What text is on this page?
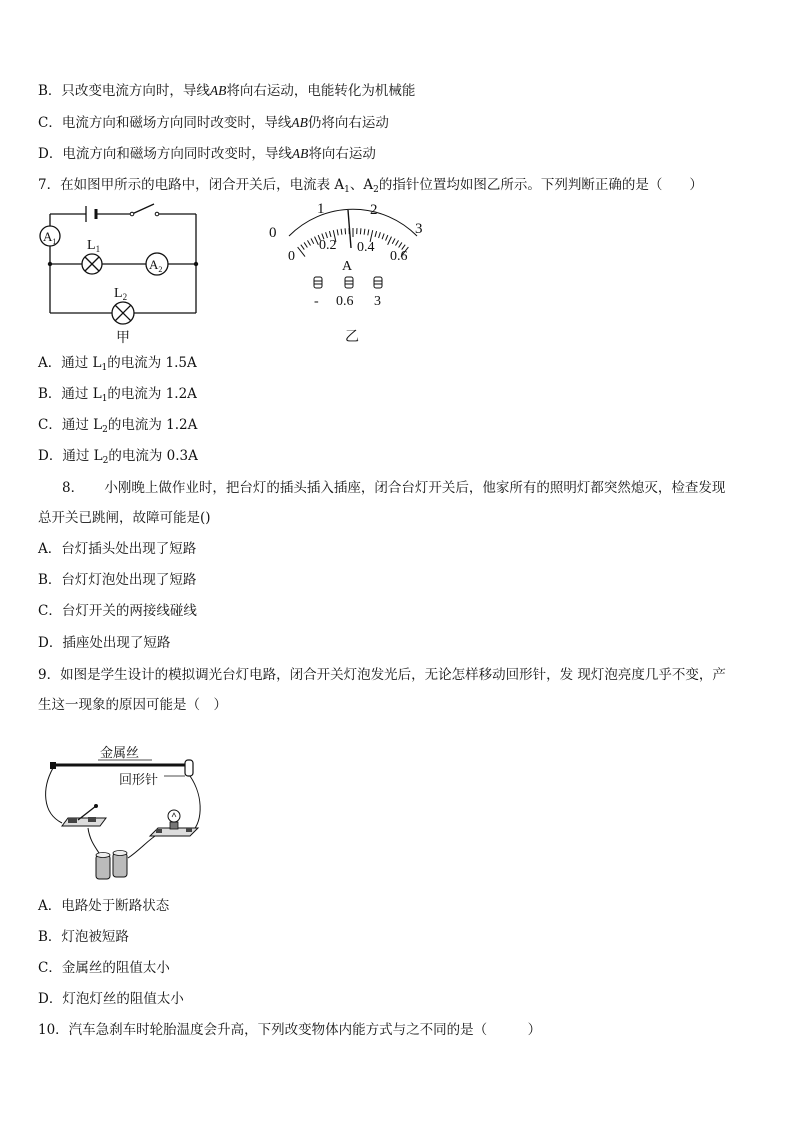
B．只改变电流方向时，导线AB将向右运动，电能转化为机械能
C．电流方向和磁场方向同时改变时，导线AB仍将向右运动
D．电流方向和磁场方向同时改变时，导线AB将向右运动
7．在如图甲所示的电路中，闭合开关后，电流表 $A_1$、$A_2$的指针位置均如图乙所示。下列判断正确的是（　　）
$A_1$
$A_2$
$L_1$
$L_2$
甲
1	2
0	3
0
0.2 0.4
0.6
A
- 0.6 3
乙
A．通过 $L_1$的电流为 1.5A
B．通过 $L_1$的电流为 1.2A
C．通过 $L_2$的电流为 1.2A
D．通过 $L_2$的电流为 0.3A
8．　　小刚晚上做作业时，把台灯的插头插入插座，闭合台灯开关后，他家所有的照明灯都突然熄灭，检查发现
总开关已跳闸，故障可能是()
A．台灯插头处出现了短路
B．台灯灯泡处出现了短路
C．台灯开关的两接线碰线
D．插座处出现了短路
9．如图是学生设计的模拟调光台灯电路，闭合开关灯泡发光后，无论怎样移动回形针，发 现灯泡亮度几乎不变，产
生这一现象的原因可能是（　）
金属丝
回形针
A．电路处于断路状态
B．灯泡被短路
C．金属丝的阻值太小
D．灯泡灯丝的阻值太小
10．汽车急刹车时轮胎温度会升高，下列改变物体内能方式与之不同的是（　　　）
